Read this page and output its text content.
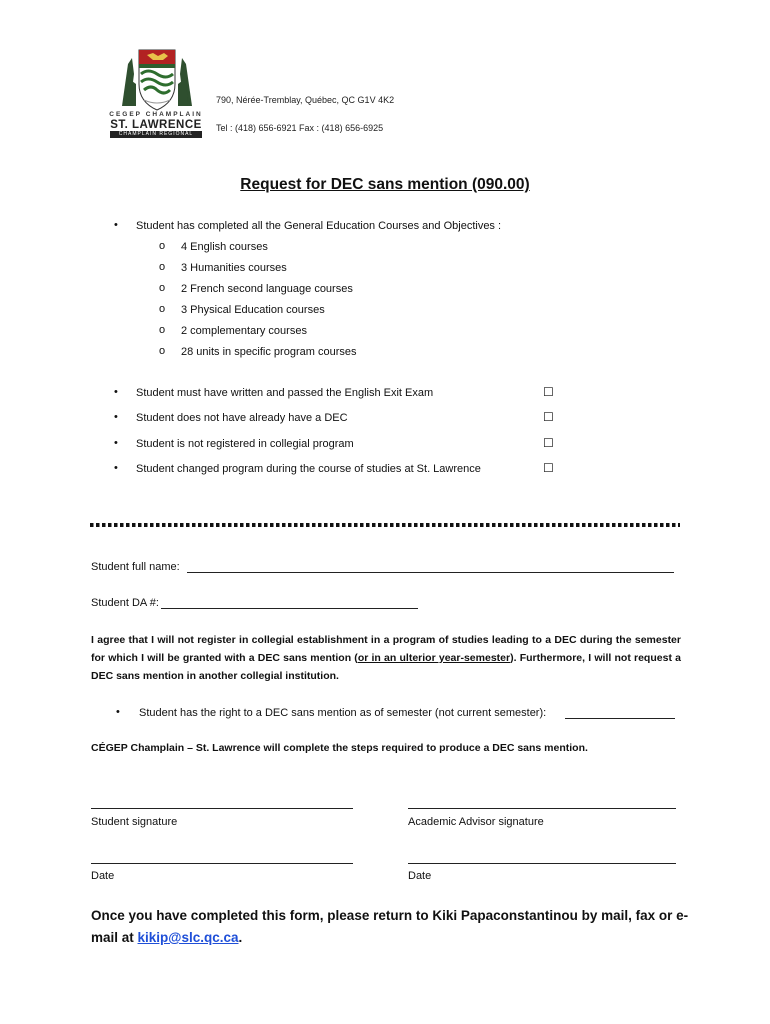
CEGEP CHAMPLAIN
ST. LAWRENCE
CHAMPLAIN REGIONAL COLLEGE
790, Nérée-Tremblay, Québec, QC G1V 4K2
Tel : (418) 656-6921 Fax : (418) 656-6925
Request for DEC sans mention (090.00)
• Student has completed all the General Education Courses and Objectives :
o 4 English courses
o 3 Humanities courses
o 2 French second language courses
o 3 Physical Education courses
o 2 complementary courses
o 28 units in specific program courses
• Student must have written and passed the English Exit Exam	☐
• Student does not have already have a DEC	☐
• Student is not registered in collegial program	☐
• Student changed program during the course of studies at St. Lawrence	☐
Student full name:
Student DA #:
I agree that I will not register in collegial establishment in a program of studies leading to a DEC during the semester for which I will be granted with a DEC sans mention (or in an ulterior year-semester). Furthermore, I will not request a DEC sans mention in another collegial institution.
• Student has the right to a DEC sans mention as of semester (not current semester):
CÉGEP Champlain – St. Lawrence will complete the steps required to produce a DEC sans mention.
Student signature	Academic Advisor signature
Date	Date
Once you have completed this form, please return to Kiki Papaconstantinou by mail, fax or e-mail at kikip@slc.qc.ca.
